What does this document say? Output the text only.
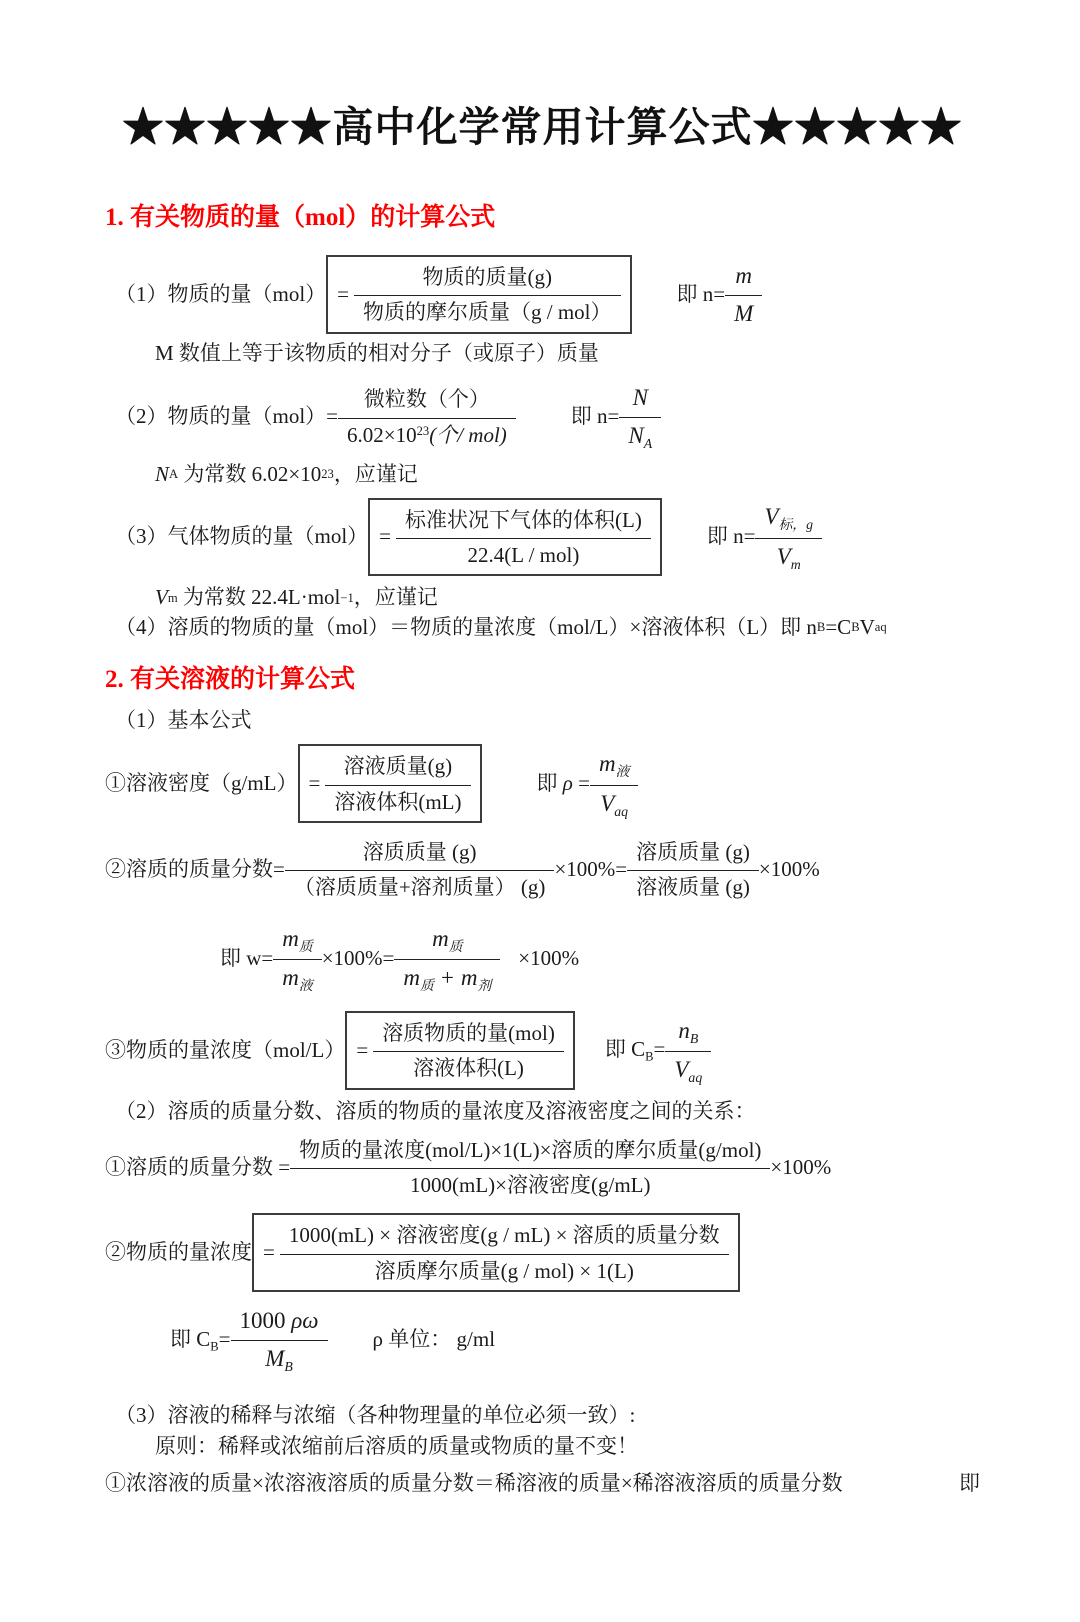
★★★★★高中化学常用计算公式★★★★★
1. 有关物质的量（mol）的计算公式
（1）物质的量$(mol) = \frac{\text{物质的质量(g)}}{\text{物质的摩尔质量（g / mol）}}$	即 $n= \frac{m}{M}$
M 数值上等于该物质的相对分子（或原子）质量
（2）物质的量$(mol)= \frac{\text{微粒数（个）}}{6.02\times 10^{23}(个/ mol)}$	即 $n= \frac{N}{N_A}$
N A 为常数 6.02×10 23 ，应谨记
（3）气体物质的量$(mol) = \frac{\text{标准状况下气体的体积(L)}}{\text{22.4(L / mol)}}$	即 $n= \frac{V_{标,g}}{V_m}$
V m 为常数 22.4L·mol −1 ，应谨记
（4）溶质的物质的量（mol）＝物质的量浓度（mol/L）×溶液体积（L）即 n B =C B V aq
2. 有关溶液的计算公式
（1）基本公式
①溶液密度$(g/mL) = \frac{\text{溶液质量(g)}}{\text{溶液体积(mL)}}$	即 $\rho = \frac{m_液}{V_{aq}}$
②溶质的质量分数= $\frac{\text{溶质质量 (g)}}{\text{（溶质质量+溶剂质量） (g)}} \times 100\%= \frac{\text{溶质质量 (g)}}{\text{溶液质量 (g)}} \times 100\%$
即 $w= \frac{m_质}{m_液} \times 100\%= \frac{m_质}{m_质 + m_剂} \times 100\%$
③物质的量浓度$(mol/L) = \frac{\text{溶质物质的量(mol)}}{\text{溶液体积(L)}}$ 即 $C_B= \frac{n_B}{V_{aq}}$
（2）溶质的质量分数、溶质的物质的量浓度及溶液密度之间的关系：
①溶质的质量分数 = $\frac{\text{物质的量浓度(mol/L)×1(L)×溶质的摩尔质量(g/mol)}}{\text{1000(mL)×溶液密度(g/mL)}} \times 100\%$
②物质的量浓度 = $\frac{\text{1000(mL) × 溶液密度(g / mL) × 溶质的质量分数}}{\text{溶质摩尔质量(g / mol) × 1(L)}}$
即 $C_B= \frac{1000 \rho\omega}{M_B}$ ρ 单位： g/ml
（3）溶液的稀释与浓缩（各种物理量的单位必须一致）:
原则：稀释或浓缩前后溶质的质量或物质的量不变！
①浓溶液的质量×浓溶液溶质的质量分数＝稀溶液的质量×稀溶液溶质的质量分数	即
